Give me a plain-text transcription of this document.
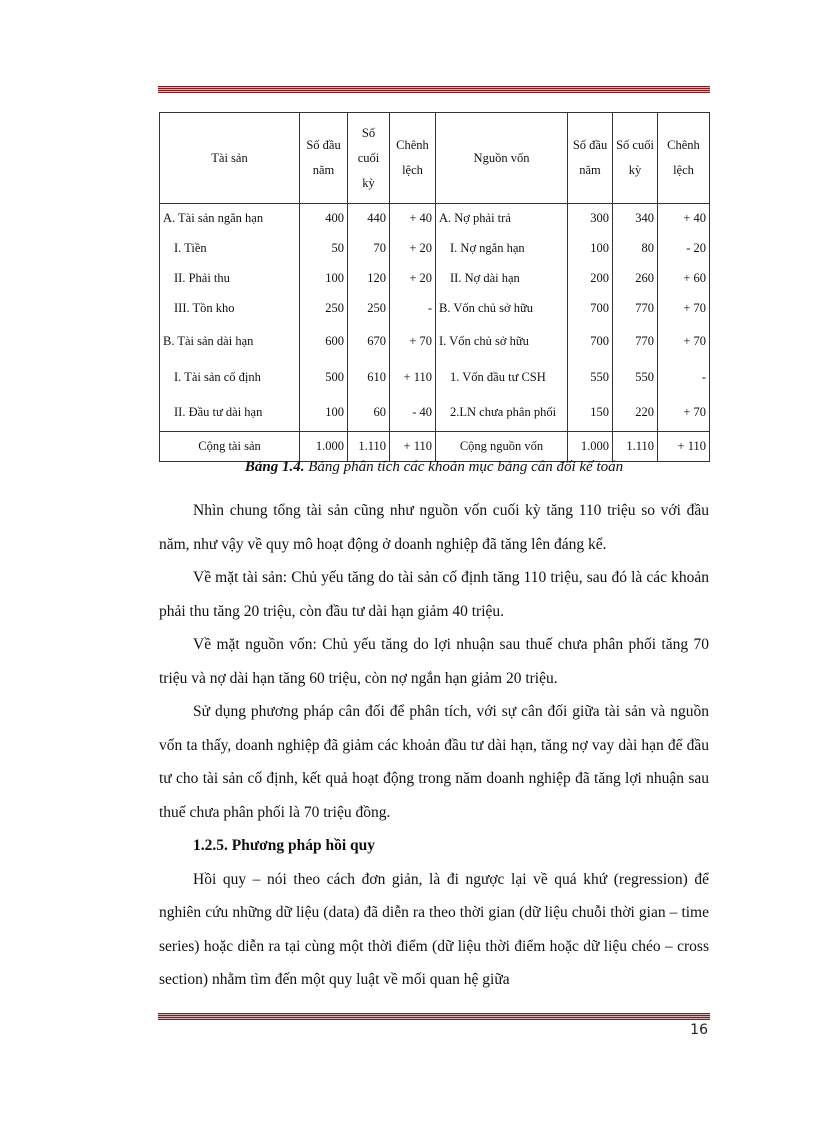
Tài sản	Số đầu năm	Số cuối kỳ	Chênh lệch	Nguồn vốn	Số đầu năm	Số cuối kỳ	Chênh lệch
A. Tài sản ngắn hạn	400	440	+ 40	A. Nợ phải trả	300	340	+ 40
I. Tiền	50	70	+ 20	I. Nợ ngắn hạn	100	80	- 20
II. Phải thu	100	120	+ 20	II. Nợ dài hạn	200	260	+ 60
III. Tồn kho	250	250	-	B. Vốn chủ sở hữu	700	770	+ 70
B. Tài sản dài hạn	600	670	+ 70	I. Vốn chủ sở hữu	700	770	+ 70
I. Tài sản cố định	500	610	+ 110	1. Vốn đầu tư CSH	550	550	-
II. Đầu tư dài hạn	100	60	- 40	2.LN chưa phân phối	150	220	+ 70
Cộng tài sản	1.000	1.110	+ 110	Cộng nguồn vốn	1.000	1.110	+ 110
Bảng 1.4. Bảng phân tích các khoản mục bảng cân đối kế toán

Nhìn chung tổng tài sản cũng như nguồn vốn cuối kỳ tăng 110 triệu so với đầu năm, như vậy về quy mô hoạt động ở doanh nghiệp đã tăng lên đáng kể.

Về mặt tài sản: Chủ yếu tăng do tài sản cố định tăng 110 triệu, sau đó là các khoản phải thu tăng 20 triệu, còn đầu tư dài hạn giảm 40 triệu.

Về mặt nguồn vốn: Chủ yếu tăng do lợi nhuận sau thuế chưa phân phối tăng 70 triệu và nợ dài hạn tăng 60 triệu, còn nợ ngắn hạn giảm 20 triệu.

Sử dụng phương pháp cân đối để phân tích, với sự cân đối giữa tài sản và nguồn vốn ta thấy, doanh nghiệp đã giảm các khoản đầu tư dài hạn, tăng nợ vay dài hạn để đầu tư cho tài sản cố định, kết quả hoạt động trong năm doanh nghiệp đã tăng lợi nhuận sau thuế chưa phân phối là 70 triệu đồng.

1.2.5. Phương pháp hồi quy

Hồi quy – nói theo cách đơn giản, là đi ngược lại về quá khứ (regression) để nghiên cứu những dữ liệu (data) đã diễn ra theo thời gian (dữ liệu chuỗi thời gian – time series) hoặc diễn ra tại cùng một thời điểm (dữ liệu thời điểm hoặc dữ liệu chéo – cross section) nhằm tìm đến một quy luật về mối quan hệ giữa

16
